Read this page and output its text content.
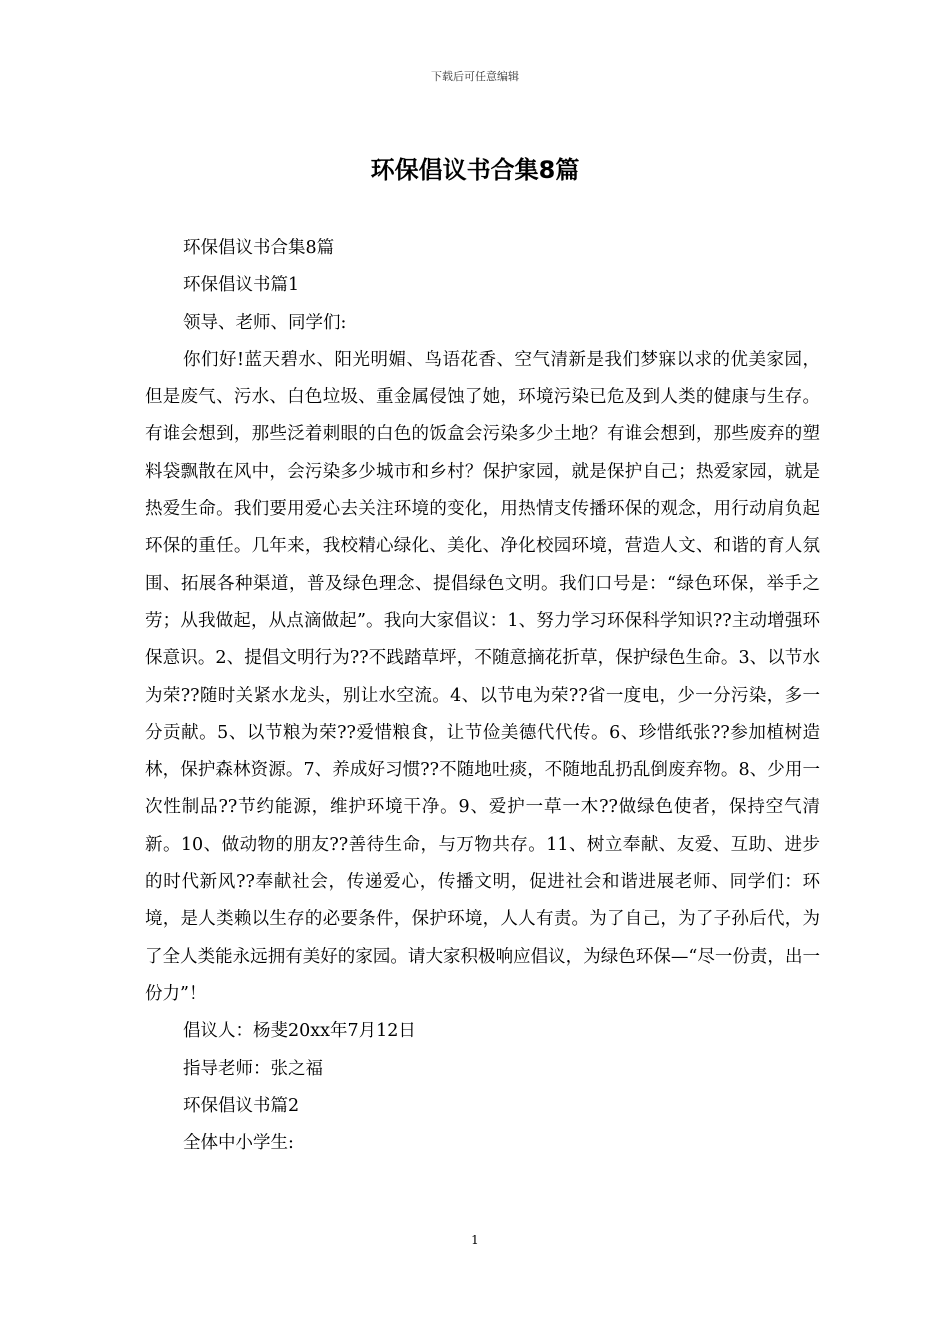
下载后可任意编辑
环保倡议书合集8篇

环保倡议书合集8篇

环保倡议书篇1

领导、老师、同学们:

你们好!蓝天碧水、阳光明媚、鸟语花香、空气清新是我们梦寐以求的优美家园，但是废气、污水、白色垃圾、重金属侵蚀了她，环境污染已危及到人类的健康与生存。有谁会想到，那些泛着刺眼的白色的饭盒会污染多少土地？有谁会想到，那些废弃的塑料袋飘散在风中，会污染多少城市和乡村？保护家园，就是保护自己；热爱家园，就是热爱生命。我们要用爱心去关注环境的变化，用热情支传播环保的观念，用行动肩负起环保的重任。几年来，我校精心绿化、美化、净化校园环境，营造人文、和谐的育人氛围、拓展各种渠道，普及绿色理念、提倡绿色文明。我们口号是：“绿色环保，举手之劳；从我做起，从点滴做起”。我向大家倡议：1、努力学习环保科学知识??主动增强环保意识。2、提倡文明行为??不践踏草坪，不随意摘花折草，保护绿色生命。3、以节水为荣??随时关紧水龙头，别让水空流。4、以节电为荣??省一度电，少一分污染，多一分贡献。5、以节粮为荣??爱惜粮食，让节俭美德代代传。6、珍惜纸张??参加植树造林，保护森林资源。7、养成好习惯??不随地吐痰，不随地乱扔乱倒废弃物。8、少用一次性制品??节约能源，维护环境干净。9、爱护一草一木??做绿色使者，保持空气清新。10、做动物的朋友??善待生命，与万物共存。11、树立奉献、友爱、互助、进步的时代新风??奉献社会，传递爱心，传播文明，促进社会和谐进展老师、同学们：环境，是人类赖以生存的必要条件，保护环境，人人有责。为了自己，为了子孙后代，为了全人类能永远拥有美好的家园。请大家积极响应倡议，为绿色环保—“尽一份责，出一份力”！

倡议人：杨斐20xx年7月12日

指导老师：张之福

环保倡议书篇2

全体中小学生:

1
